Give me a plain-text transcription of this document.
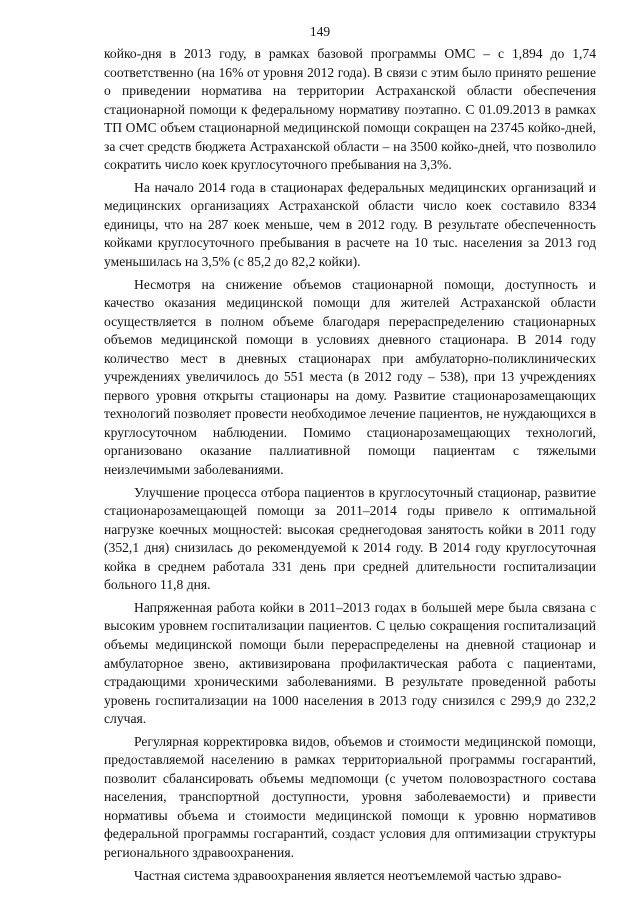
149

койко-дня в 2013 году, в рамках базовой программы ОМС – с 1,894 до 1,74 соответственно (на 16% от уровня 2012 года). В связи с этим было принято решение о приведении норматива на территории Астраханской области обеспечения стационарной помощи к федеральному нормативу поэтапно. С 01.09.2013 в рамках ТП ОМС объем стационарной медицинской помощи сокращен на 23745 койко-дней, за счет средств бюджета Астраханской области – на 3500 койко-дней, что позволило сократить число коек круглосуточного пребывания на 3,3%.

На начало 2014 года в стационарах федеральных медицинских организаций и медицинских организациях Астраханской области число коек составило 8334 единицы, что на 287 коек меньше, чем в 2012 году. В результате обеспеченность койками круглосуточного пребывания в расчете на 10 тыс. населения за 2013 год уменьшилась на 3,5% (с 85,2 до 82,2 койки).

Несмотря на снижение объемов стационарной помощи, доступность и качество оказания медицинской помощи для жителей Астраханской области осуществляется в полном объеме благодаря перераспределению стационарных объемов медицинской помощи в условиях дневного стационара. В 2014 году количество мест в дневных стационарах при амбулаторно-поликлинических учреждениях увеличилось до 551 места (в 2012 году – 538), при 13 учреждениях первого уровня открыты стационары на дому. Развитие стационарозамещающих технологий позволяет провести необходимое лечение пациентов, не нуждающихся в круглосуточном наблюдении. Помимо стационарозамещающих технологий, организовано оказание паллиативной помощи пациентам с тяжелыми неизлечимыми заболеваниями.

Улучшение процесса отбора пациентов в круглосуточный стационар, развитие стационарозамещающей помощи за 2011–2014 годы привело к оптимальной нагрузке коечных мощностей: высокая среднегодовая занятость койки в 2011 году (352,1 дня) снизилась до рекомендуемой к 2014 году. В 2014 году круглосуточная койка в среднем работала 331 день при средней длительности госпитализации больного 11,8 дня.

Напряженная работа койки в 2011–2013 годах в большей мере была связана с высоким уровнем госпитализации пациентов. С целью сокращения госпитализаций объемы медицинской помощи были перераспределены на дневной стационар и амбулаторное звено, активизирована профилактическая работа с пациентами, страдающими хроническими заболеваниями. В результате проведенной работы уровень госпитализации на 1000 населения в 2013 году снизился с 299,9 до 232,2 случая.

Регулярная корректировка видов, объемов и стоимости медицинской помощи, предоставляемой населению в рамках территориальной программы госгарантий, позволит сбалансировать объемы медпомощи (с учетом половозрастного состава населения, транспортной доступности, уровня заболеваемости) и привести нормативы объема и стоимости медицинской помощи к уровню нормативов федеральной программы госгарантий, создаст условия для оптимизации структуры регионального здравоохранения.

Частная система здравоохранения является неотъемлемой частью здраво-
